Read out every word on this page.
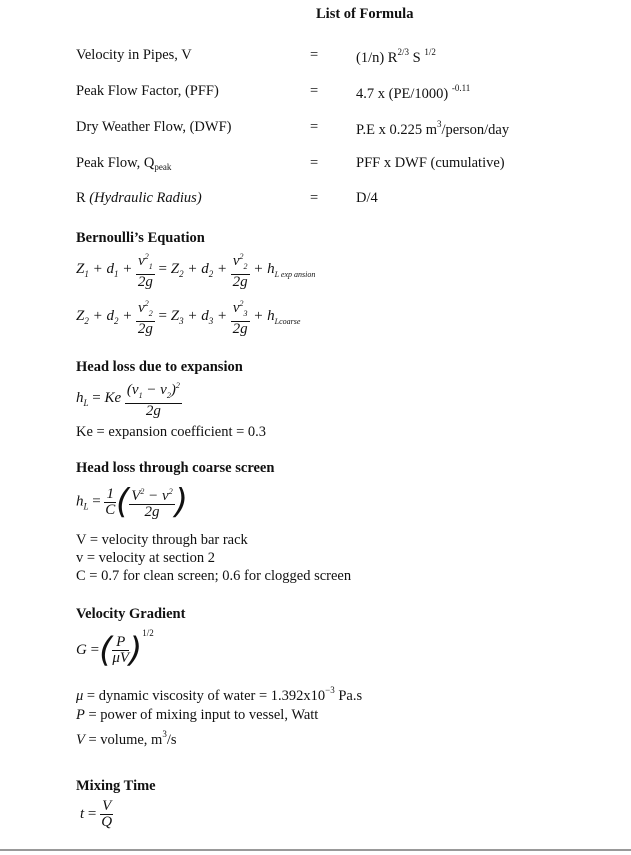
List of Formula
Velocity in Pipes, V	=	(1/n) $R^{2/3}$ S $^{1/2}$
Peak Flow Factor, (PFF)	=	4.7 x (PE/1000) $^{-0.11}$
Dry Weather Flow, (DWF)	=	P.E x 0.225 $m^3/person$/day
Peak Flow, $Q_{peak}$	=	PFF x DWF (cumulative)
R (Hydraulic Radius)	=	D/4
Bernoulli’s Equation
$Z_1 + d_1 + \frac{v^2_1}{2g} = Z_2 + d_2 + \frac{v^2_2}{2g} + h_{L exp ansion}$
$Z_2 + d_2 + \frac{v^2_2}{2g} = Z_3 + d_3 + \frac{v^2_3}{2g} + h_{Lcoarse}$
Head loss due to expansion
$h_L = Ke \frac{(v_1 - v_2)^2}{2g}$
Ke = expansion coefficient = 0.3
Head loss through coarse screen
$h_L = \frac{1}{C}$ ( $\frac{V^2 - v^2}{2g}$ )
V = velocity through bar rack
v = velocity at section 2
C = 0.7 for clean screen; 0.6 for clogged screen
Velocity Gradient
G =( $\frac{P}{\mu V} )^{1/2}$
μ = dynamic viscosity of water = $1.392x10^{-3}$ Pa.s
P = power of mixing input to vessel, Watt
V = volume, $m^3/s$
Mixing Time
$t = \frac{V}{Q}$
